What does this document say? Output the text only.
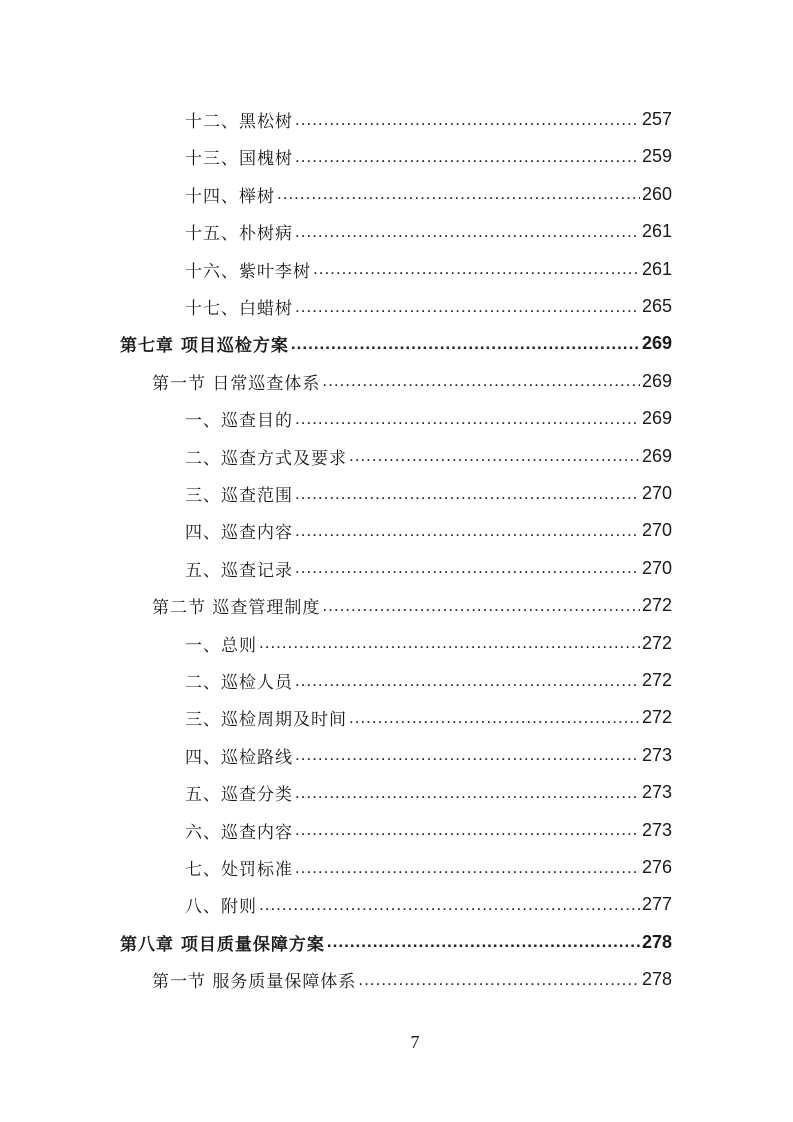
十二、黑松树 .....	257
十三、国槐树 .....	259
十四、榉树 .....	260
十五、朴树病 .....	261
十六、紫叶李树 .....	261
十七、白蜡树 .....	265
第七章 项目巡检方案 .....	269
第一节 日常巡查体系 .....	269
一、巡查目的 .....	269
二、巡查方式及要求 .....	269
三、巡查范围 .....	270
四、巡查内容 .....	270
五、巡查记录 .....	270
第二节 巡查管理制度 .....	272
一、总则 .....	272
二、巡检人员 .....	272
三、巡检周期及时间 .....	272
四、巡检路线 .....	273
五、巡查分类 .....	273
六、巡查内容 .....	273
七、处罚标准 .....	276
八、附则 .....	277
第八章 项目质量保障方案 .....	278
第一节 服务质量保障体系 .....	278
7
